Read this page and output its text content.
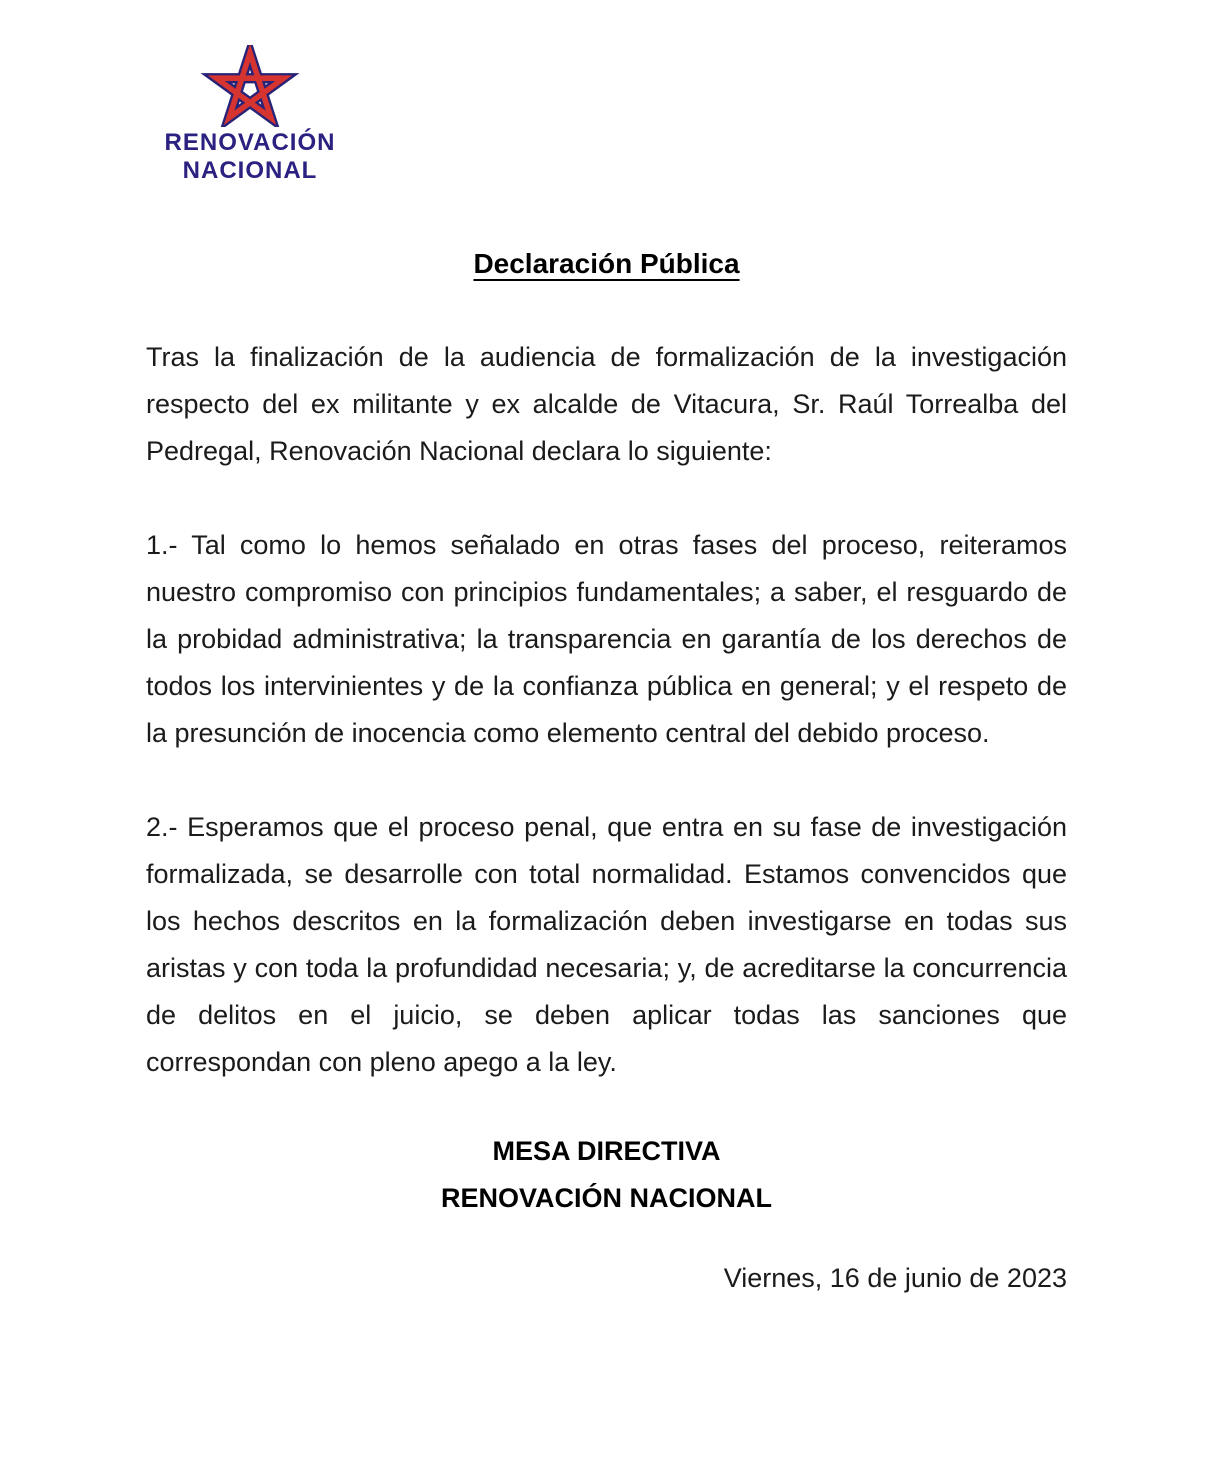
RENOVACIÓN
NACIONAL
Declaración Pública

Tras la finalización de la audiencia de formalización de la investigación respecto del ex militante y ex alcalde de Vitacura, Sr. Raúl Torrealba del Pedregal, Renovación Nacional declara lo siguiente:

1.- Tal como lo hemos señalado en otras fases del proceso, reiteramos nuestro compromiso con principios fundamentales; a saber, el resguardo de la probidad administrativa; la transparencia en garantía de los derechos de todos los intervinientes y de la confianza pública en general; y el respeto de la presunción de inocencia como elemento central del debido proceso.

2.- Esperamos que el proceso penal, que entra en su fase de investigación formalizada, se desarrolle con total normalidad. Estamos convencidos que los hechos descritos en la formalización deben investigarse en todas sus aristas y con toda la profundidad necesaria; y, de acreditarse la concurrencia de delitos en el juicio, se deben aplicar todas las sanciones que correspondan con pleno apego a la ley.

MESA DIRECTIVA
RENOVACIÓN NACIONAL
Viernes, 16 de junio de 2023
